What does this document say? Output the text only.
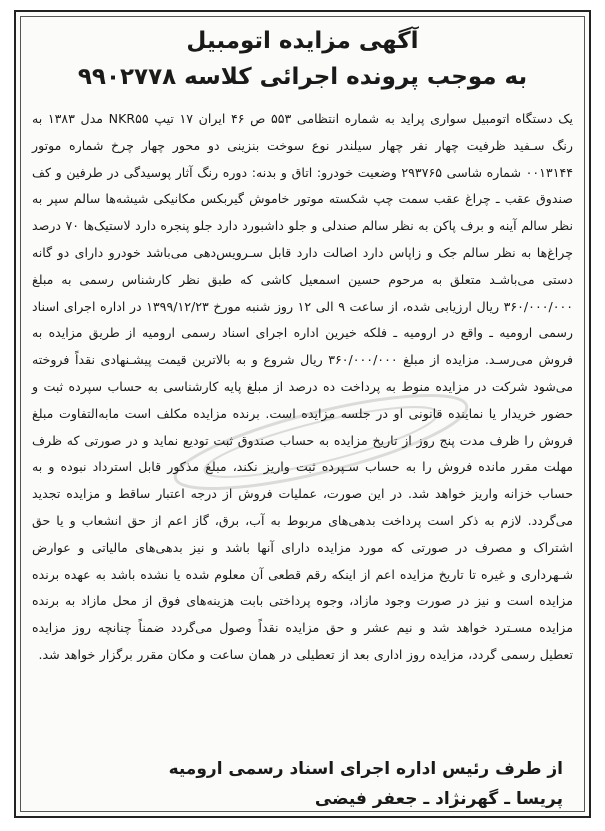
آگهی مزایده اتومبیل
به موجب پرونده اجرائی کلاسه ۹۹۰۲۷۷۸
یک دستگاه اتومبیل سواری پراید به شماره انتظامی ۵۵۳ ص ۴۶ ایران ۱۷ تیپ NKR۵۵ مدل ۱۳۸۳ به رنگ سـفید ظرفیت چهار نفر چهار سیلندر نوع سوخت بنزینی دو محور چهار چرخ شماره موتور ۰۰۱۳۱۴۴ شماره شاسی ۲۹۳۷۶۵ وضعیت خودرو: اتاق و بدنه: دوره رنگ آثار پوسیدگی در طرفین و کف صندوق عقب ـ چراغ عقب سمت چپ شکسته موتور خاموش گیربکس مکانیکی شیشه‌ها سالم سپر به نظر سالم آینه و برف پاکن به نظر سالم صندلی و جلو داشبورد دارد جلو پنجره دارد لاستیک‌ها ۷۰ درصد چراغ‌ها به نظر سالم جک و زاپاس دارد اصالت دارد قابل سـرویس‌دهی می‌باشد خودرو دارای دو گانه دستی می‌باشـد متعلق به مرحوم حسین اسمعیل کاشی که طبق نظر کارشناس رسمی به مبلغ ۳۶۰/۰۰۰/۰۰۰ ریال ارزیابی شده، از ساعت ۹ الی ۱۲ روز شنبه مورخ ۱۳۹۹/۱۲/۲۳ در اداره اجرای اسناد رسمی ارومیه ـ واقع در ارومیه ـ فلکه خیرین اداره اجرای اسناد رسمی ارومیه از طریق مزایده به فروش می‌رسـد. مزایده از مبلغ ۳۶۰/۰۰۰/۰۰۰ ریال شروع و به بالاترین قیمت پیشـنهادی نقداً فروخته می‌شود شرکت در مزایده منوط به پرداخت ده درصد از مبلغ پایه کارشناسی به حساب سپرده ثبت و حضور خریدار یا نماینده قانونی او در جلسه مزایده است. برنده مزایده مکلف است مابه‌التفاوت مبلغ فروش را ظرف مدت پنج روز از تاریخ مزایده به حساب صندوق ثبت تودیع نماید و در صورتی که ظرف مهلت مقرر مانده فروش را به حساب سـپرده ثبت واریز نکند، مبلغ مذکور قابل استرداد نبوده و به حساب خزانه واریز خواهد شد. در این صورت، عملیات فروش از درجه اعتبار ساقط و مزایده تجدید می‌گردد. لازم به ذکر است پرداخت بدهی‌های مربوط به آب، برق، گاز اعم از حق انشعاب و یا حق اشتراک و مصرف در صورتی که مورد مزایده دارای آنها باشد و نیز بدهی‌های مالیاتی و عوارض شـهرداری و غیره تا تاریخ مزایده اعم از اینکه رقم قطعی آن معلوم شده یا نشده باشد به عهده برنده مزایده است و نیز در صورت وجود مازاد، وجوه پرداختی بابت هزینه‌های فوق از محل مازاد به برنده مزایده مسـترد خواهد شد و نیم عشر و حق مزایده نقداً وصول می‌گردد ضمناً چنانچه روز مزایده تعطیل رسمی گردد، مزایده روز اداری بعد از تعطیلی در همان ساعت و مکان مقرر برگزار خواهد شد.
از طرف رئیس اداره اجرای اسناد رسمی ارومیه
پریسا ـ گهرنژاد ـ جعفر فیضی
